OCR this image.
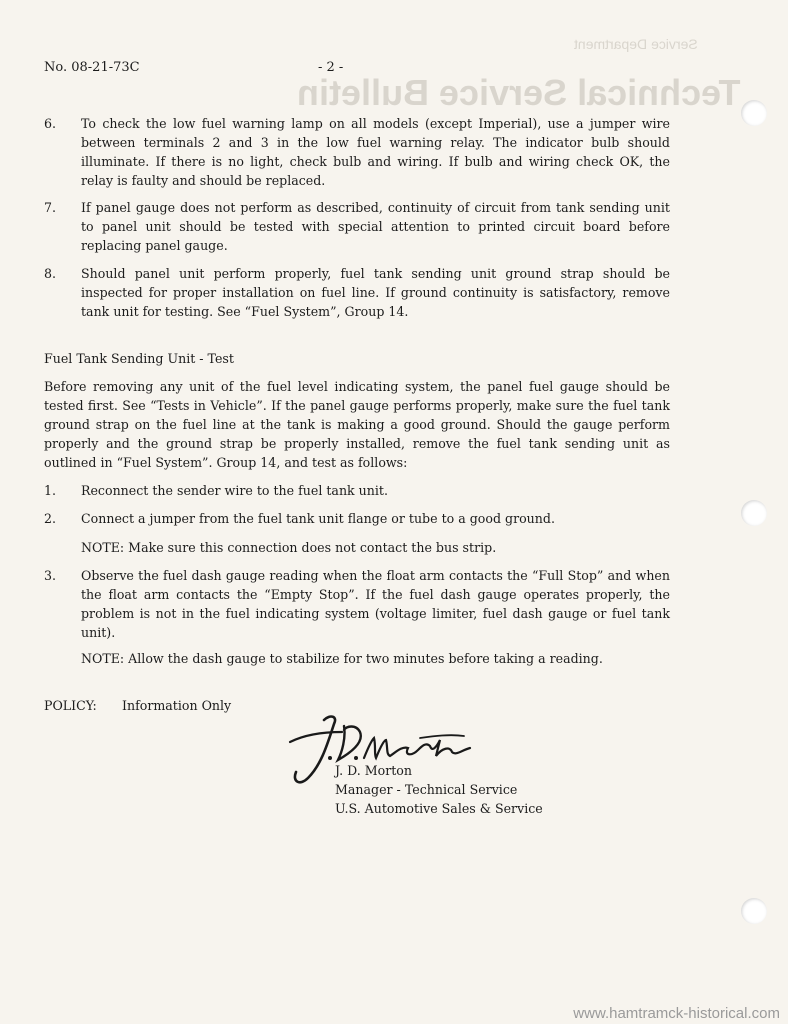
Service Department
Technical Service Bulletin
No. 08-21-73C	- 2 -
6. To check the low fuel warning lamp on all models (except Imperial), use a jumper wire between terminals 2 and 3 in the low fuel warning relay. The indicator bulb should illuminate. If there is no light, check bulb and wiring. If bulb and wiring check OK, the relay is faulty and should be replaced.
7. If panel gauge does not perform as described, continuity of circuit from tank sending unit to panel unit should be tested with special attention to printed circuit board before replacing panel gauge.
8. Should panel unit perform properly, fuel tank sending unit ground strap should be inspected for proper installation on fuel line. If ground continuity is satisfactory, remove tank unit for testing. See “Fuel System”, Group 14.
Fuel Tank Sending Unit - Test
Before removing any unit of the fuel level indicating system, the panel fuel gauge should be tested first. See “Tests in Vehicle”. If the panel gauge performs properly, make sure the fuel tank ground strap on the fuel line at the tank is making a good ground. Should the gauge perform properly and the ground strap be properly installed, remove the fuel tank sending unit as outlined in “Fuel System”. Group 14, and test as follows:
1. Reconnect the sender wire to the fuel tank unit.
2. Connect a jumper from the fuel tank unit flange or tube to a good ground.
NOTE: Make sure this connection does not contact the bus strip.
3. Observe the fuel dash gauge reading when the float arm contacts the “Full Stop” and when the float arm contacts the “Empty Stop”. If the fuel dash gauge operates properly, the problem is not in the fuel indicating system (voltage limiter, fuel dash gauge or fuel tank unit).
NOTE: Allow the dash gauge to stabilize for two minutes before taking a reading.
POLICY: Information Only
J. D. Morton
Manager - Technical Service
U.S. Automotive Sales & Service
www.hamtramck-historical.com
